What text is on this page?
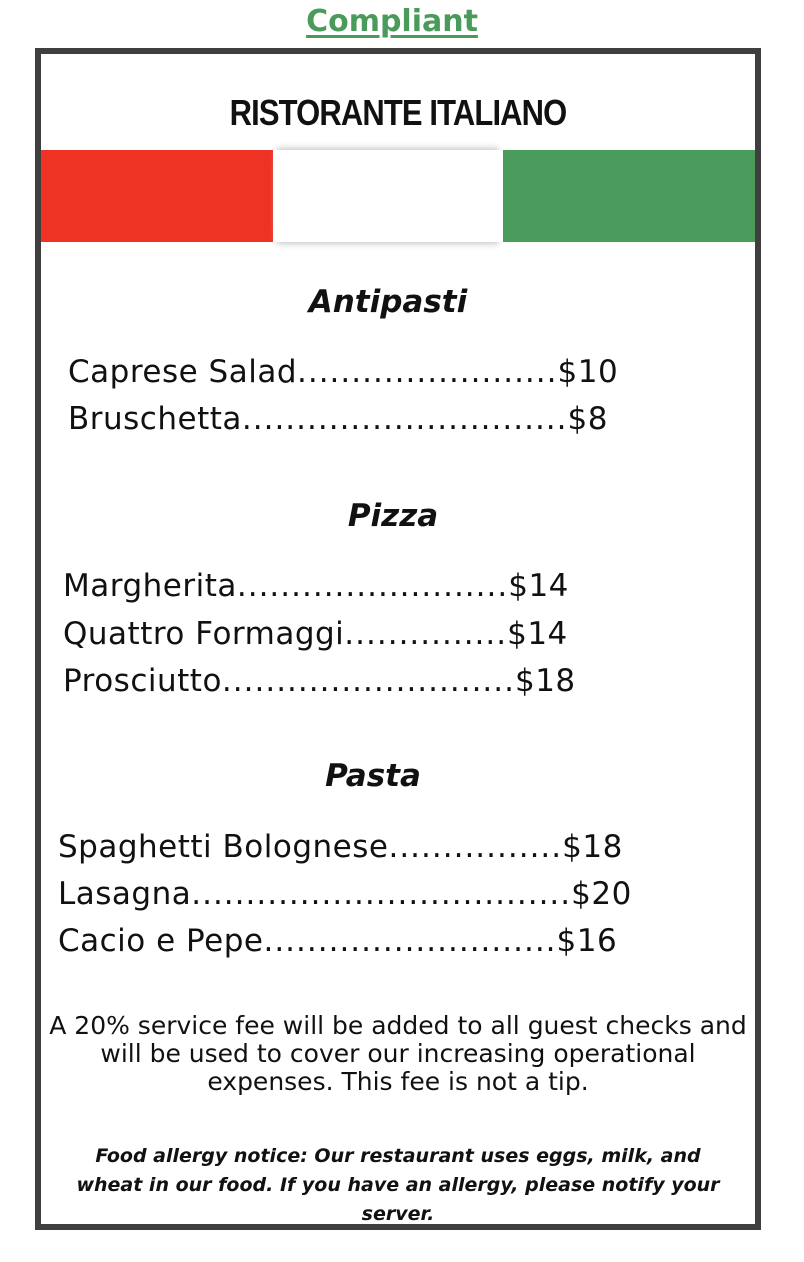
Compliant
RISTORANTE ITALIANO
Antipasti
Caprese Salad........................$10
Bruschetta..............................$8
Pizza
Margherita.........................$14
Quattro Formaggi...............$14
Prosciutto...........................$18
Pasta
Spaghetti Bolognese................$18
Lasagna...................................$20
Cacio e Pepe...........................$16
A 20% service fee will be added to all guest checks and will be used to cover our increasing operational expenses. This fee is not a tip.
Food allergy notice: Our restaurant uses eggs, milk, and wheat in our food. If you have an allergy, please notify your server.
